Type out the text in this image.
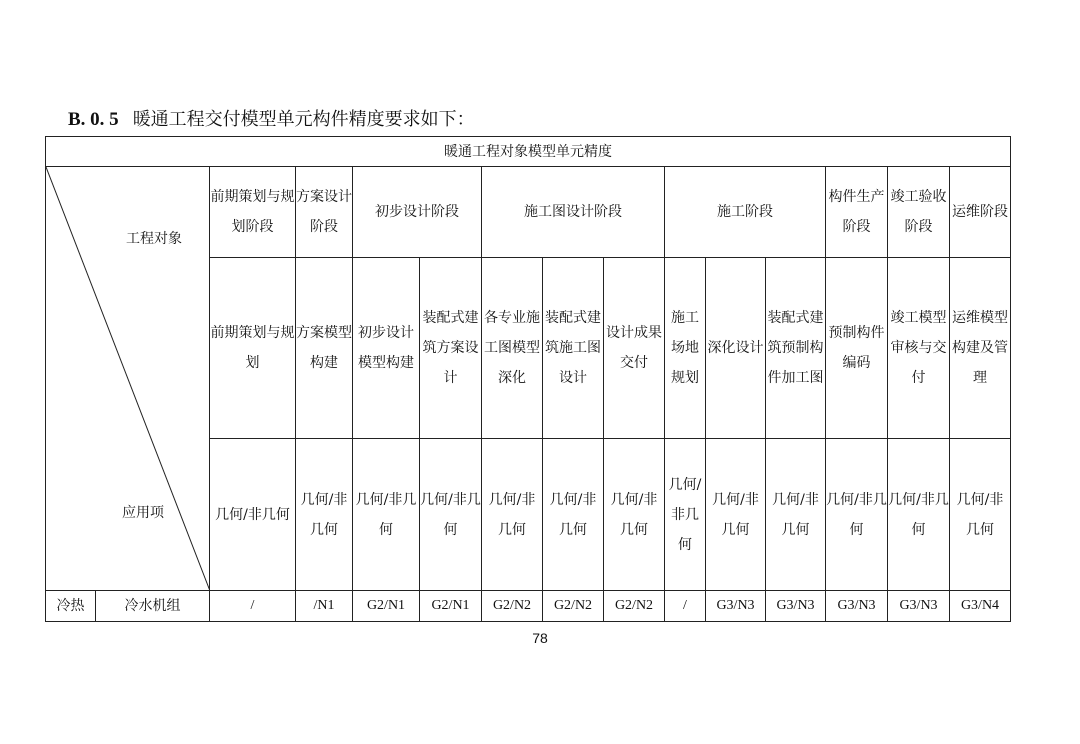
B. 0. 5 暖通工程交付模型单元构件精度要求如下：
暖通工程对象模型单元精度														

工程对象
应用项		前期策划与规划阶段	方案设计阶段	初步设计阶段		施工图设计阶段			施工阶段			构件生产阶段	竣工验收阶段	运维阶段

		前期策划与规划	方案模型构建	初步设计模型构建	装配式建筑方案设计	各专业施工图模型深化	装配式建筑施工图设计	设计成果交付	施工场地规划	深化设计	装配式建筑预制构件加工图	预制构件编码	竣工模型审核与交付	运维模型构建及管理

		几何/非几何	几何/非几何	几何/非几何	几何/非几何	几何/非几何	几何/非几何	几何/非几何	几何/非几何	几何/非几何	几何/非几何	几何/非几何	几何/非几何	几何/非几何

冷热	冷水机组	/	/N1	G2/N1	G2/N1	G2/N2	G2/N2	G2/N2	/	G3/N3	G3/N3	G3/N3	G3/N3	G3/N4
78
